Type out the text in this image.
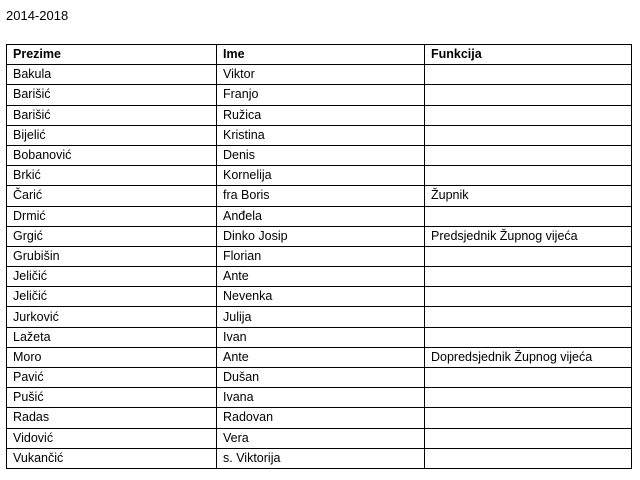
2014-2018
Prezime	Ime	Funkcija
Bakula	Viktor	
Barišić	Franjo	
Barišić	Ružica	
Bijelić	Kristina	
Bobanović	Denis	
Brkić	Kornelija	
Čarić	fra Boris	Župnik
Drmić	Anđela	
Grgić	Dinko Josip	Predsjednik Župnog vijeća
Grubišin	Florian	
Jeličić	Ante	
Jeličić	Nevenka	
Jurković	Julija	
Lažeta	Ivan	
Moro	Ante	Dopredsjednik Župnog vijeća
Pavić	Dušan	
Pušić	Ivana	
Radas	Radovan	
Vidović	Vera	
Vukančić	s. Viktorija	
